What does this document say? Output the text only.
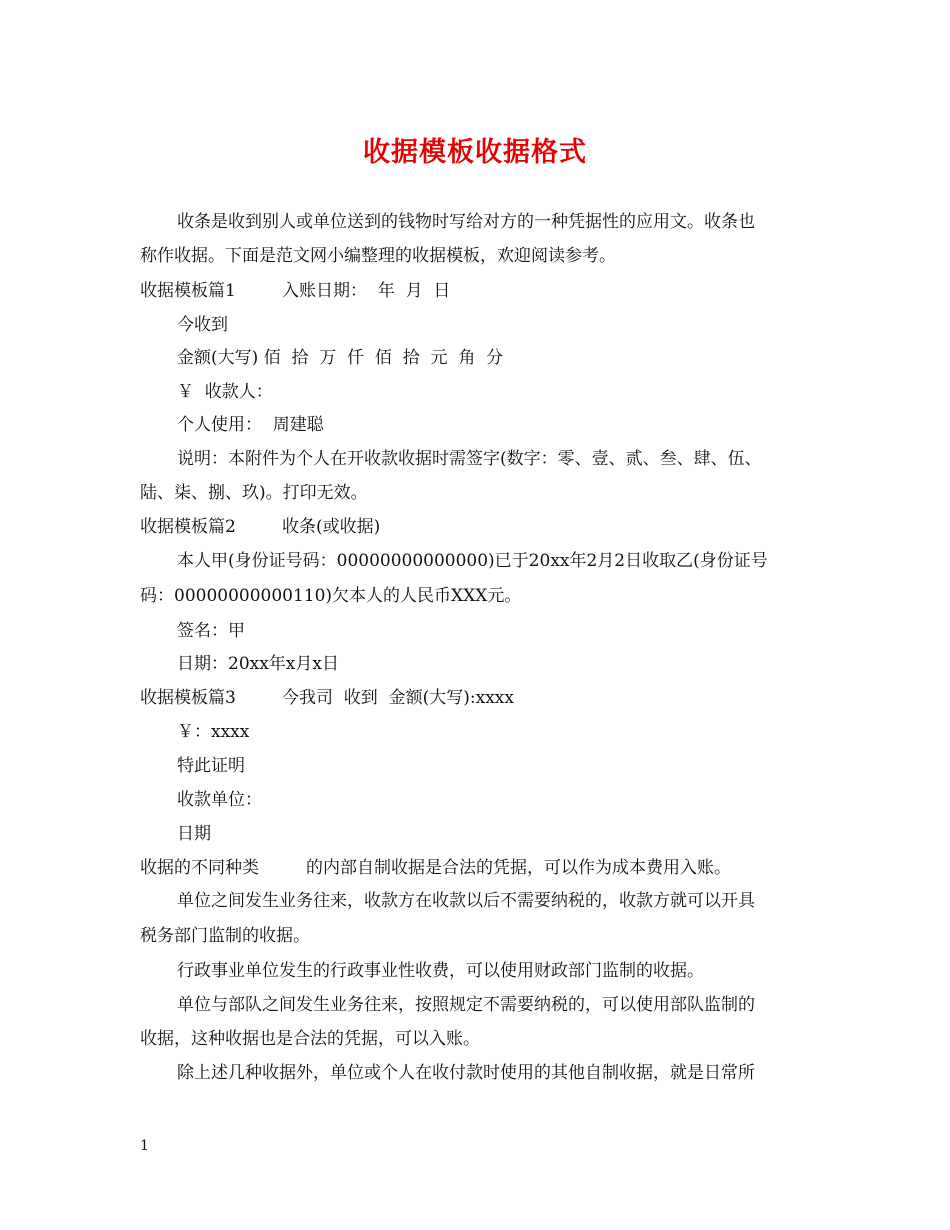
收据模板收据格式
收条是收到别人或单位送到的钱物时写给对方的一种凭据性的应用文。收条也
称作收据。下面是范文网小编整理的收据模板，欢迎阅读参考。
收据模板篇1	入账日期：  年  月  日
今收到
金额(大写) 佰  拾  万  仟  佰  拾  元  角  分
￥  收款人：
个人使用：  周建聪
说明：本附件为个人在开收款收据时需签字(数字：零、壹、贰、叁、肆、伍、
陆、柒、捌、玖)。打印无效。
收据模板篇2	收条(或收据)
本人甲(身份证号码：00000000000000)已于20xx年2月2日收取乙(身份证号
码：00000000000110)欠本人的人民币XXX元。
签名：甲
日期：20xx年x月x日
收据模板篇3	今我司  收到  金额(大写):xxxx
￥：xxxx
特此证明
收款单位：
日期
收据的不同种类	的内部自制收据是合法的凭据，可以作为成本费用入账。
单位之间发生业务往来，收款方在收款以后不需要纳税的，收款方就可以开具
税务部门监制的收据。
行政事业单位发生的行政事业性收费，可以使用财政部门监制的收据。
单位与部队之间发生业务往来，按照规定不需要纳税的，可以使用部队监制的
收据，这种收据也是合法的凭据，可以入账。
除上述几种收据外，单位或个人在收付款时使用的其他自制收据，就是日常所
1
